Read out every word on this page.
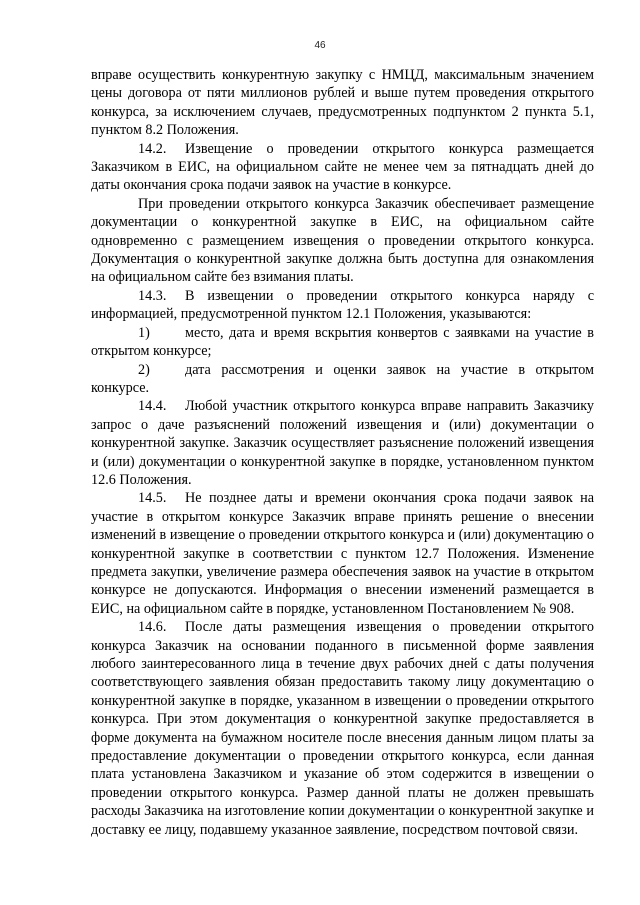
46

вправе осуществить конкурентную закупку с НМЦД, максимальным значением цены договора от пяти миллионов рублей и выше путем проведения открытого конкурса, за исключением случаев, предусмотренных подпунктом 2 пункта 5.1, пунктом 8.2 Положения.

14.2. Извещение о проведении открытого конкурса размещается Заказчиком в ЕИС, на официальном сайте не менее чем за пятнадцать дней до даты окончания срока подачи заявок на участие в конкурсе.

При проведении открытого конкурса Заказчик обеспечивает размещение документации о конкурентной закупке в ЕИС, на официальном сайте одновременно с размещением извещения о проведении открытого конкурса. Документация о конкурентной закупке должна быть доступна для ознакомления на официальном сайте без взимания платы.

14.3. В извещении о проведении открытого конкурса наряду с информацией, предусмотренной пунктом 12.1 Положения, указываются:

1) место, дата и время вскрытия конвертов с заявками на участие в открытом конкурсе;

2) дата рассмотрения и оценки заявок на участие в открытом конкурсе.

14.4. Любой участник открытого конкурса вправе направить Заказчику запрос о даче разъяснений положений извещения и (или) документации о конкурентной закупке. Заказчик осуществляет разъяснение положений извещения и (или) документации о конкурентной закупке в порядке, установленном пунктом 12.6 Положения.

14.5. Не позднее даты и времени окончания срока подачи заявок на участие в открытом конкурсе Заказчик вправе принять решение о внесении изменений в извещение о проведении открытого конкурса и (или) документацию о конкурентной закупке в соответствии с пунктом 12.7 Положения. Изменение предмета закупки, увеличение размера обеспечения заявок на участие в открытом конкурсе не допускаются. Информация о внесении изменений размещается в ЕИС, на официальном сайте в порядке, установленном Постановлением № 908.

14.6. После даты размещения извещения о проведении открытого конкурса Заказчик на основании поданного в письменной форме заявления любого заинтересованного лица в течение двух рабочих дней с даты получения соответствующего заявления обязан предоставить такому лицу документацию о конкурентной закупке в порядке, указанном в извещении о проведении открытого конкурса. При этом документация о конкурентной закупке предоставляется в форме документа на бумажном носителе после внесения данным лицом платы за предоставление документации о проведении открытого конкурса, если данная плата установлена Заказчиком и указание об этом содержится в извещении о проведении открытого конкурса. Размер данной платы не должен превышать расходы Заказчика на изготовление копии документации о конкурентной закупке и доставку ее лицу, подавшему указанное заявление, посредством почтовой связи.
